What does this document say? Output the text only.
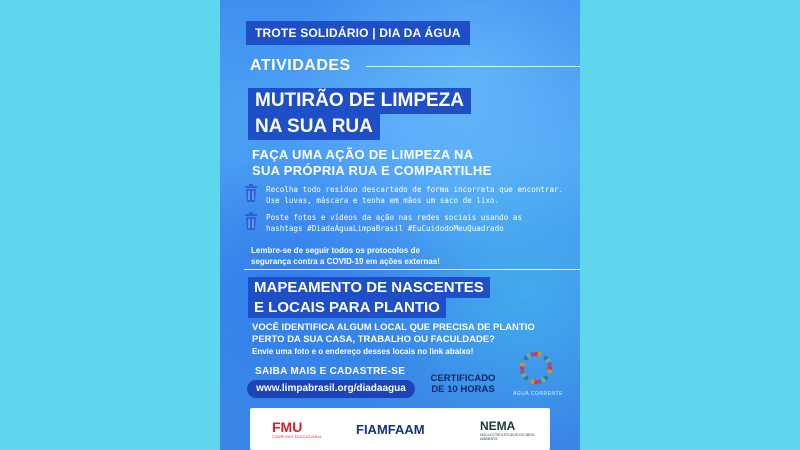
TROTE SOLIDÁRIO | DIA DA ÁGUA
ATIVIDADES
MUTIRÃO DE LIMPEZA
NA SUA RUA
FAÇA UMA AÇÃO DE LIMPEZA NA
SUA PRÓPRIA RUA E COMPARTILHE
Recolha todo resíduo descartado de forma incorreta que encontrar.
Use luvas, máscara e tenha em mãos um saco de lixo.
Poste fotos e vídeos da ação nas redes sociais usando as
hashtags #DiadaÁguaLimpaBrasil #EuCuidodoMeuQuadrado
Lembre-se de seguir todos os protocolos de
segurança contra a COVID-19 em ações externas!
MAPEAMENTO DE NASCENTES
E LOCAIS PARA PLANTIO
VOCÊ IDENTIFICA ALGUM LOCAL QUE PRECISA DE PLANTIO
PERTO DA SUA CASA, TRABALHO OU FACULDADE?
Envie uma foto e o endereço desses locais no link abaixo!
SAIBA MAIS E CADASTRE-SE
www.limpabrasil.org/diadaagua
CERTIFICADO
DE 10 HORAS	ÁGUA CORRENTE
FMU
COMPLEXO EDUCACIONAL	FIAMFAAM	NEMA
NÚCLEO DE ESTUDOS DO MEIO AMBIENTE
